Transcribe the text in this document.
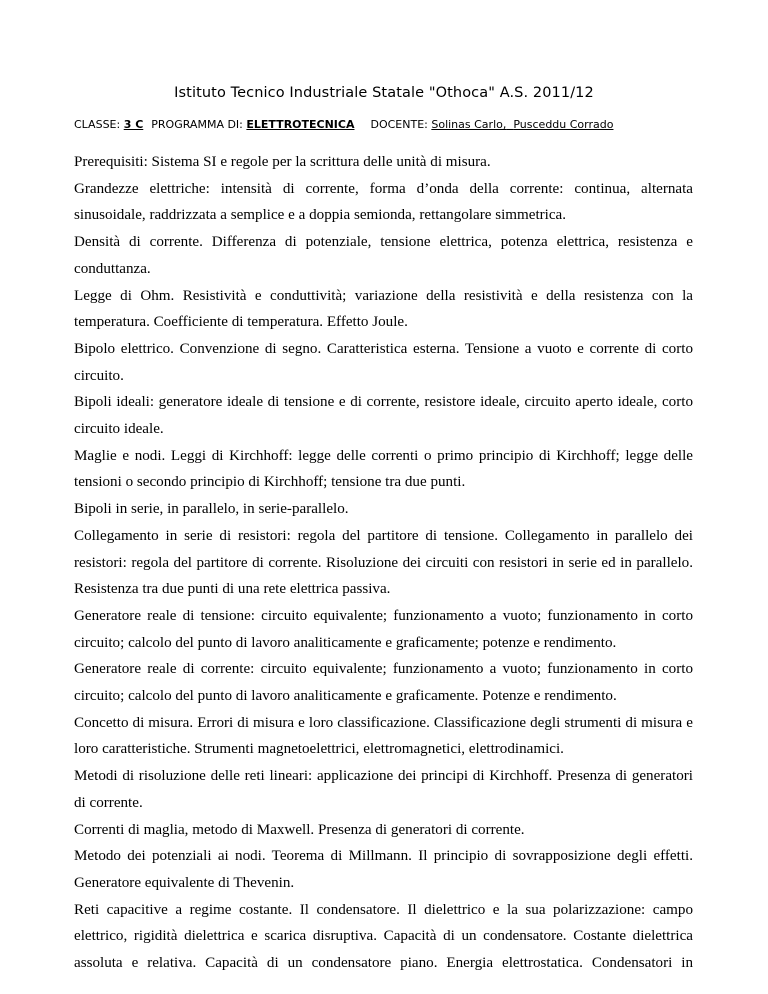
Istituto Tecnico Industriale Statale "Othoca" A.S. 2011/12
CLASSE: 3 C PROGRAMMA DI: ELETTROTECNICA DOCENTE: Solinas Carlo, Pusceddu Corrado

Prerequisiti: Sistema SI e regole per la scrittura delle unità di misura.

Grandezze elettriche: intensità di corrente, forma d’onda della corrente: continua, alternata sinusoidale, raddrizzata a semplice e a doppia semionda, rettangolare simmetrica.

Densità di corrente. Differenza di potenziale, tensione elettrica, potenza elettrica, resistenza e conduttanza.

Legge di Ohm. Resistività e conduttività; variazione della resistività e della resistenza con la temperatura. Coefficiente di temperatura. Effetto Joule.

Bipolo elettrico. Convenzione di segno. Caratteristica esterna. Tensione a vuoto e corrente di corto circuito.

Bipoli ideali: generatore ideale di tensione e di corrente, resistore ideale, circuito aperto ideale, corto circuito ideale.

Maglie e nodi. Leggi di Kirchhoff: legge delle correnti o primo principio di Kirchhoff; legge delle tensioni o secondo principio di Kirchhoff; tensione tra due punti.

Bipoli in serie, in parallelo, in serie-parallelo.

Collegamento in serie di resistori: regola del partitore di tensione. Collegamento in parallelo dei resistori: regola del partitore di corrente. Risoluzione dei circuiti con resistori in serie ed in parallelo. Resistenza tra due punti di una rete elettrica passiva.

Generatore reale di tensione: circuito equivalente; funzionamento a vuoto; funzionamento in corto circuito; calcolo del punto di lavoro analiticamente e graficamente; potenze e rendimento.

Generatore reale di corrente: circuito equivalente; funzionamento a vuoto; funzionamento in corto circuito; calcolo del punto di lavoro analiticamente e graficamente. Potenze e rendimento.

Concetto di misura. Errori di misura e loro classificazione. Classificazione degli strumenti di misura e loro caratteristiche. Strumenti magnetoelettrici, elettromagnetici, elettrodinamici.

Metodi di risoluzione delle reti lineari: applicazione dei principi di Kirchhoff. Presenza di generatori di corrente.

Correnti di maglia, metodo di Maxwell. Presenza di generatori di corrente.

Metodo dei potenziali ai nodi. Teorema di Millmann. Il principio di sovrapposizione degli effetti. Generatore equivalente di Thevenin.

Reti capacitive a regime costante. Il condensatore. Il dielettrico e la sua polarizzazione: campo elettrico, rigidità dielettrica e scarica disruptiva. Capacità di un condensatore. Costante dielettrica assoluta e relativa. Capacità di un condensatore piano. Energia elettrostatica. Condensatori in
